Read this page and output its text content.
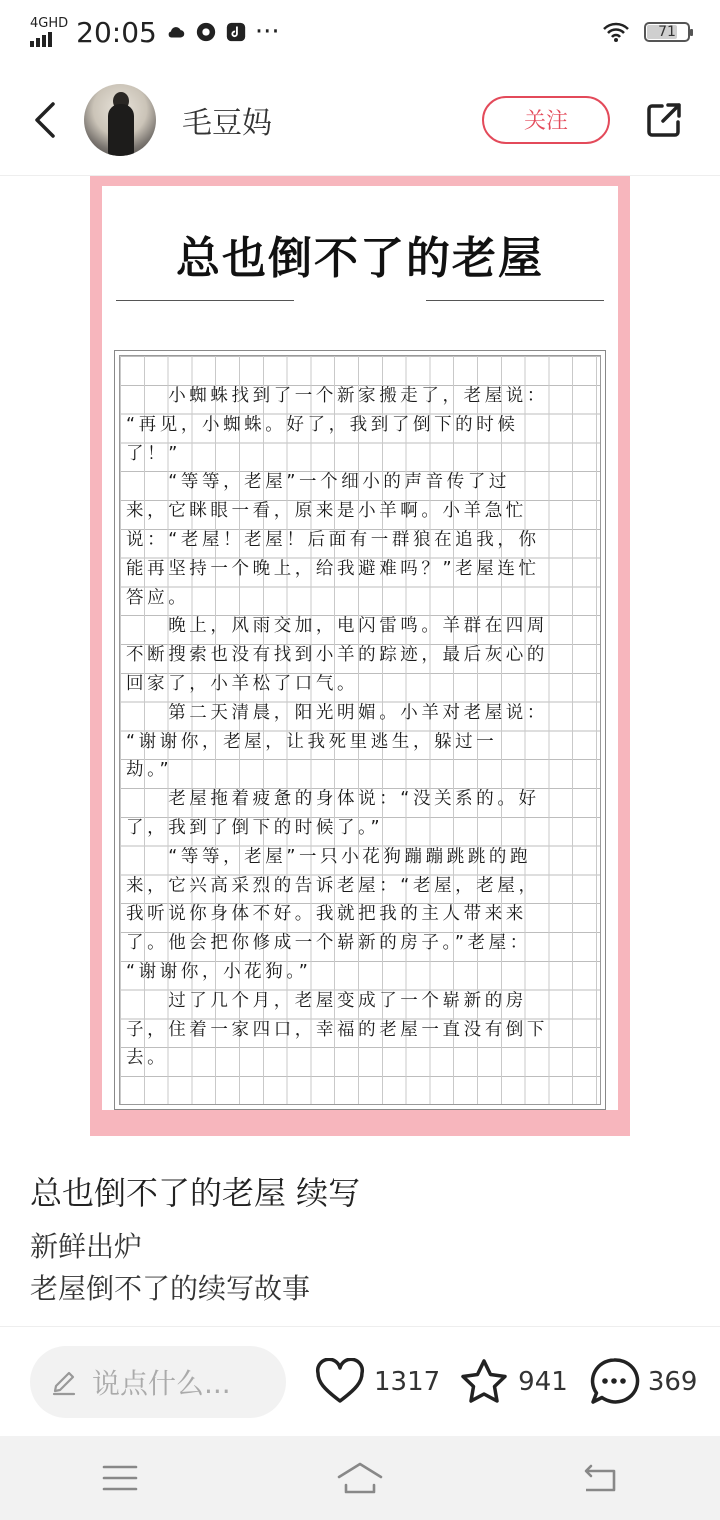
4GHD 20:05	···	71
毛豆妈	关注
总也倒不了的老屋
　　小蜘蛛找到了一个新家搬走了，老屋说：
“再见，小蜘蛛。好了，我到了倒下的时候
了！”
　　“等等，老屋”一个细小的声音传了过
来，它眯眼一看，原来是小羊啊。小羊急忙
说：“老屋！老屋！后面有一群狼在追我，你
能再坚持一个晚上，给我避难吗？”老屋连忙
答应。
　　晚上，风雨交加，电闪雷鸣。羊群在四周
不断搜索也没有找到小羊的踪迹，最后灰心的
回家了，小羊松了口气。
　　第二天清晨，阳光明媚。小羊对老屋说：
“谢谢你，老屋，让我死里逃生，躲过一
劫。”
　　老屋拖着疲惫的身体说：“没关系的。好
了，我到了倒下的时候了。”
　　“等等，老屋”一只小花狗蹦蹦跳跳的跑
来，它兴高采烈的告诉老屋：“老屋，老屋，
我听说你身体不好。我就把我的主人带来来
了。他会把你修成一个崭新的房子。”老屋：
“谢谢你，小花狗。”
　　过了几个月，老屋变成了一个崭新的房
子，住着一家四口，幸福的老屋一直没有倒下
去。
总也倒不了的老屋 续写
新鲜出炉
老屋倒不了的续写故事
说点什么...	1317	941	369
